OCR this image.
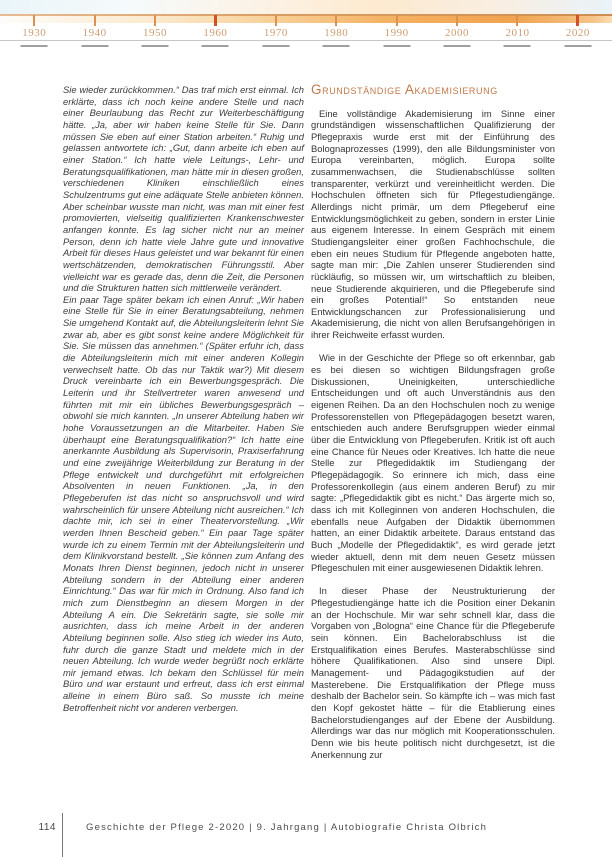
1930	1940	1950	1960	1970	1980	1990	2000	2010	2020

Sie wieder zurückkommen.“ Das traf mich erst einmal. Ich erklärte, dass ich noch keine andere Stelle und nach einer Beurlaubung das Recht zur Weiterbeschäftigung hätte. „Ja, aber wir haben keine Stelle für Sie. Dann müssen Sie eben auf einer Station arbeiten.“ Ruhig und gelassen antwortete ich: „Gut, dann arbeite ich eben auf einer Station.“ Ich hatte viele Leitungs-, Lehr- und Beratungsqualifikationen, man hätte mir in diesen großen, verschiedenen Kliniken einschließlich eines Schulzentrums gut eine adäquate Stelle anbieten können. Aber scheinbar wusste man nicht, was man mit einer fest promovierten, vielseitig qualifizierten Krankenschwester anfangen konnte. Es lag sicher nicht nur an meiner Person, denn ich hatte viele Jahre gute und innovative Arbeit für dieses Haus geleistet und war bekannt für einen wertschätzenden, demokratischen Führungsstil. Aber vielleicht war es gerade das, denn die Zeit, die Personen und die Strukturen hatten sich mittlerweile verändert.

Ein paar Tage später bekam ich einen Anruf: „Wir haben eine Stelle für Sie in einer Beratungsabteilung, nehmen Sie umgehend Kontakt auf, die Abteilungsleiterin lehnt Sie zwar ab, aber es gibt sonst keine andere Möglichkeit für Sie. Sie müssen das annehmen.“ (Später erfuhr ich, dass die Abteilungsleiterin mich mit einer anderen Kollegin verwechselt hatte. Ob das nur Taktik war?) Mit diesem Druck vereinbarte ich ein Bewerbungsgespräch. Die Leiterin und ihr Stellvertreter waren anwesend und führten mit mir ein übliches Bewerbungsgespräch – obwohl sie mich kannten. „In unserer Abteilung haben wir hohe Voraussetzungen an die Mitarbeiter. Haben Sie überhaupt eine Beratungsqualifikation?“ Ich hatte eine anerkannte Ausbildung als Supervisorin, Praxiserfahrung und eine zweijährige Weiterbildung zur Beratung in der Pflege entwickelt und durchgeführt mit erfolgreichen Absolventen in neuen Funktionen. „Ja, in den Pflegeberufen ist das nicht so anspruchsvoll und wird wahrscheinlich für unsere Abteilung nicht ausreichen.“ Ich dachte mir, ich sei in einer Theatervorstellung. „Wir werden Ihnen Bescheid geben.“ Ein paar Tage später wurde ich zu einem Termin mit der Abteilungsleiterin und dem Klinikvorstand bestellt. „Sie können zum Anfang des Monats Ihren Dienst beginnen, jedoch nicht in unserer Abteilung sondern in der Abteilung einer anderen Einrichtung.“ Das war für mich in Ordnung. Also fand ich mich zum Dienstbeginn an diesem Morgen in der Abteilung A ein. Die Sekretärin sagte, sie solle mir ausrichten, dass ich meine Arbeit in der anderen Abteilung beginnen solle. Also stieg ich wieder ins Auto, fuhr durch die ganze Stadt und meldete mich in der neuen Abteilung. Ich wurde weder begrüßt noch erklärte mir jemand etwas. Ich bekam den Schlüssel für mein Büro und war erstaunt und erfreut, dass ich erst einmal alleine in einem Büro saß. So musste ich meine Betroffenheit nicht vor anderen verbergen.

Grundständige Akademisierung

Eine vollständige Akademisierung im Sinne einer grundständigen wissenschaftlichen Qualifizierung der Pflegepraxis wurde erst mit der Einführung des Bolognaprozesses (1999), den alle Bildungsminister von Europa vereinbarten, möglich. Europa sollte zusammenwachsen, die Studienabschlüsse sollten transparenter, verkürzt und vereinheitlicht werden. Die Hochschulen öffneten sich für Pflegestudiengänge. Allerdings nicht primär, um dem Pflegeberuf eine Entwicklungsmöglichkeit zu geben, sondern in erster Linie aus eigenem Interesse. In einem Gespräch mit einem Studiengangsleiter einer großen Fachhochschule, die eben ein neues Studium für Pflegende angeboten hatte, sagte man mir: „Die Zahlen unserer Studierenden sind rückläufig, so müssen wir, um wirtschaftlich zu bleiben, neue Studierende akquirieren, und die Pflegeberufe sind ein großes Potential!“ So entstanden neue Entwicklungschancen zur Professionalisierung und Akademisierung, die nicht von allen Berufsangehörigen in ihrer Reichweite erfasst wurden.

Wie in der Geschichte der Pflege so oft erkennbar, gab es bei diesen so wichtigen Bildungsfragen große Diskussionen, Uneinigkeiten, unterschiedliche Entscheidungen und oft auch Unverständnis aus den eigenen Reihen. Da an den Hochschulen noch zu wenige Professorenstellen von Pflegepädagogen besetzt waren, entschieden auch andere Berufsgruppen wieder einmal über die Entwicklung von Pflegeberufen. Kritik ist oft auch eine Chance für Neues oder Kreatives. Ich hatte die neue Stelle zur Pflegedidaktik im Studiengang der Pflegepädagogik. So erinnere ich mich, dass eine Professorenkollegin (aus einem anderen Beruf) zu mir sagte: „Pflegedidaktik gibt es nicht.“ Das ärgerte mich so, dass ich mit Kolleginnen von anderen Hochschulen, die ebenfalls neue Aufgaben der Didaktik übernommen hatten, an einer Didaktik arbeitete. Daraus entstand das Buch „Modelle der Pflegedidaktik“, es wird gerade jetzt wieder aktuell, denn mit dem neuen Gesetz müssen Pflegeschulen mit einer ausgewiesenen Didaktik lehren.

In dieser Phase der Neustrukturierung der Pflegestudiengänge hatte ich die Position einer Dekanin an der Hochschule. Mir war sehr schnell klar, dass die Vorgaben von „Bologna“ eine Chance für die Pflegeberufe sein können. Ein Bachelorabschluss ist die Erstqualifikation eines Berufes. Masterabschlüsse sind höhere Qualifikationen. Also sind unsere Dipl. Management- und Pädagogikstudien auf der Masterebene. Die Erstqualifikation der Pflege muss deshalb der Bachelor sein. So kämpfte ich – was mich fast den Kopf gekostet hätte – für die Etablierung eines Bachelorstudienganges auf der Ebene der Ausbildung. Allerdings war das nur möglich mit Kooperationsschulen. Denn wie bis heute politisch nicht durchgesetzt, ist die Anerkennung zur

114	Geschichte der Pflege 2-2020 | 9. Jahrgang | Autobiografie Christa Olbrich
